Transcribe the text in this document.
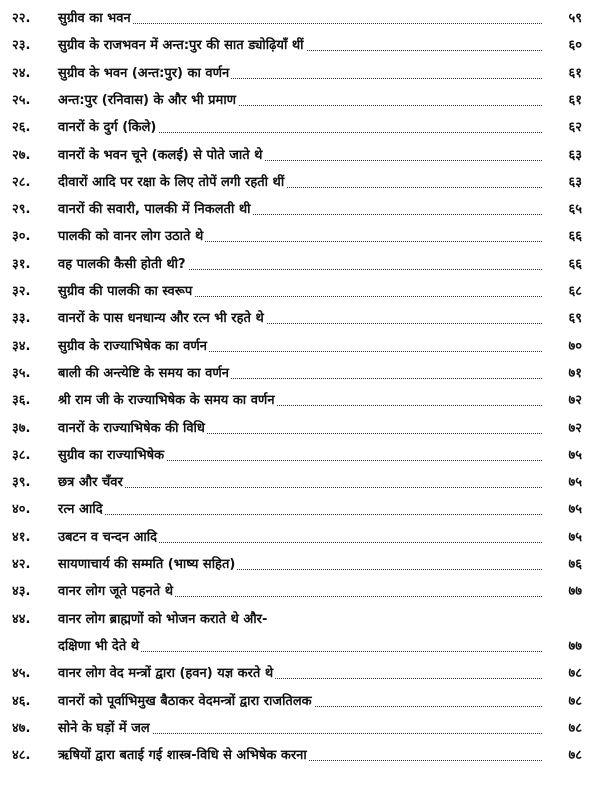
२२.	सुग्रीव का भवन	५९
२३.	सुग्रीव के राजभवन में अन्त:पुर की सात ड्योढ़ियाँ थीं	६०
२४.	सुग्रीव के भवन (अन्त:पुर) का वर्णन	६१
२५.	अन्त:पुर (रनिवास) के और भी प्रमाण	६१
२६.	वानरों के दुर्ग (किले)	६२
२७.	वानरों के भवन चूने (कलई) से पोते जाते थे	६३
२८.	दीवारों आदि पर रक्षा के लिए तोपें लगी रहती थीं	६३
२९.	वानरों की सवारी, पालकी में निकलती थी	६५
३०.	पालकी को वानर लोग उठाते थे	६६
३१.	वह पालकी कैसी होती थी?	६६
३२.	सुग्रीव की पालकी का स्वरूप	६८
३३.	वानरों के पास धनधान्य और रत्न भी रहते थे	६९
३४.	सुग्रीव के राज्याभिषेक का वर्णन	७०
३५.	बाली की अन्त्येष्टि के समय का वर्णन	७१
३६.	श्री राम जी के राज्याभिषेक के समय का वर्णन	७२
३७.	वानरों के राज्याभिषेक की विधि	७२
३८.	सुग्रीव का राज्याभिषेक	७५
३९.	छत्र और चँवर	७५
४०.	रत्न आदि	७५
४१.	उबटन व चन्दन आदि	७५
४२.	सायणाचार्य की सम्मति (भाष्य सहित)	७६
४३.	वानर लोग जूते पहनते थे	७७
४४.	वानर लोग ब्राह्मणों को भोजन कराते थे और-
दक्षिणा भी देते थे	७७
४५.	वानर लोग वेद मन्त्रों द्वारा (हवन) यज्ञ करते थे	७८
४६.	वानरों को पूर्वाभिमुख बैठाकर वेदमन्त्रों द्वारा राजतिलक	७८
४७.	सोने के घड़ों में जल	७८
४८.	ऋषियों द्वारा बताई गई शास्त्र-विधि से अभिषेक करना	७८
